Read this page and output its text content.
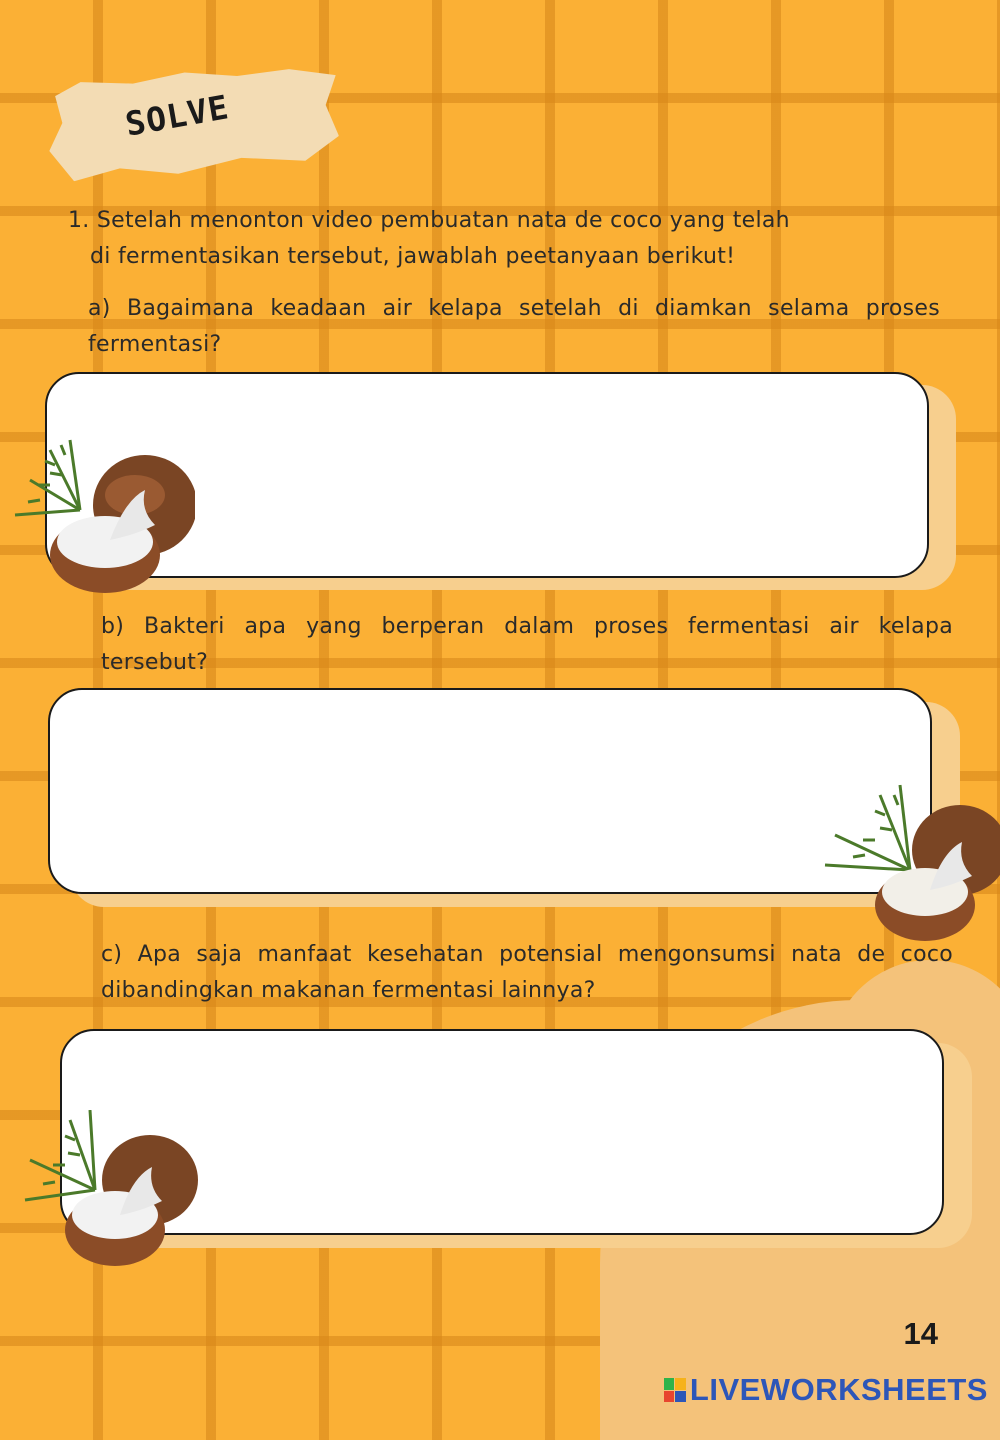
SOLVE
1. Setelah menonton video pembuatan nata de coco yang telah
di fermentasikan tersebut, jawablah peetanyaan berikut!
a) Bagaimana keadaan air kelapa setelah di diamkan selama proses fermentasi?
b) Bakteri apa yang berperan dalam proses fermentasi air kelapa tersebut?
c) Apa saja manfaat kesehatan potensial mengonsumsi nata de coco dibandingkan makanan fermentasi lainnya?
14
LIVEWORKSHEETS
